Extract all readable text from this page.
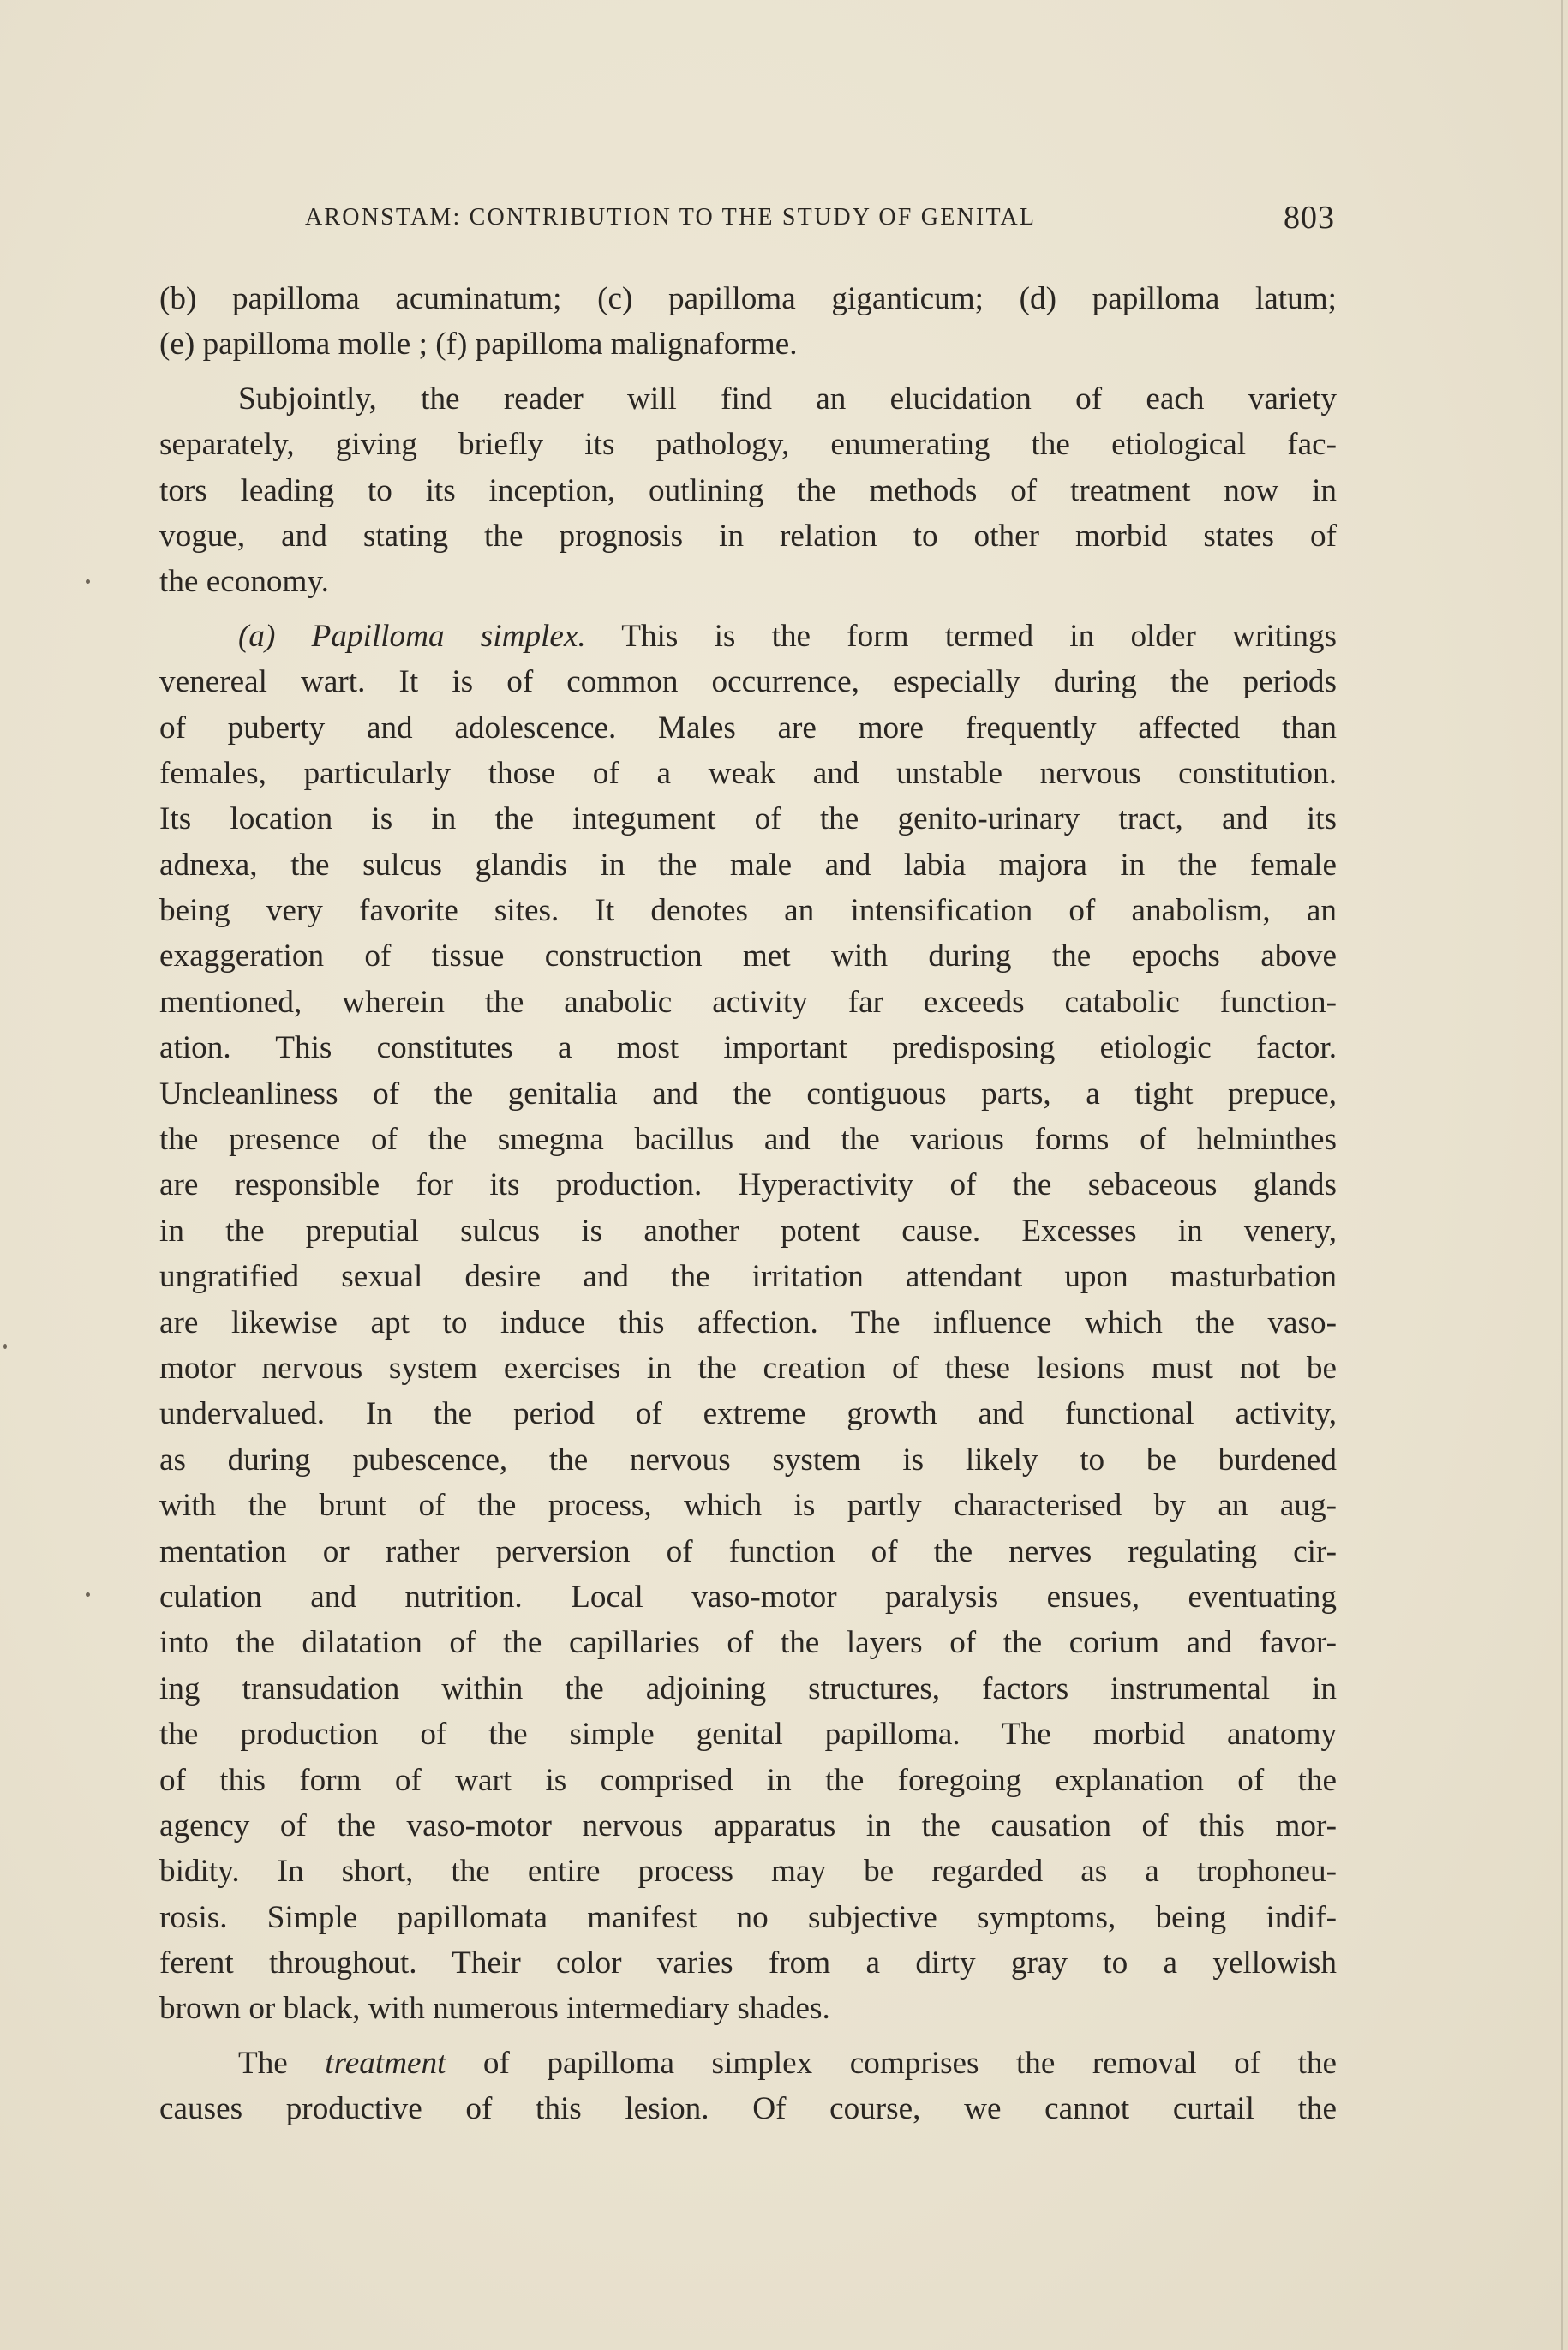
ARONSTAM: CONTRIBUTION TO THE STUDY OF GENITAL	803

(b) papilloma acuminatum; (c) papilloma giganticum; (d) papilloma latum;
(e) papilloma molle ; (f) papilloma malignaforme.

Subjointly, the reader will find an elucidation of each variety

separately, giving briefly its pathology, enumerating the etiological fac-
tors leading to its inception, outlining the methods of treatment now in
vogue, and stating the prognosis in relation to other morbid states of
the economy.

(a) Papilloma simplex. This is the form termed in older writings

venereal wart. It is of common occurrence, especially during the periods
of puberty and adolescence. Males are more frequently affected than
females, particularly those of a weak and unstable nervous constitution.
Its location is in the integument of the genito-urinary tract, and its
adnexa, the sulcus glandis in the male and labia majora in the female
being very favorite sites. It denotes an intensification of anabolism, an
exaggeration of tissue construction met with during the epochs above
mentioned, wherein the anabolic activity far exceeds catabolic function-
ation. This constitutes a most important predisposing etiologic factor.
Uncleanliness of the genitalia and the contiguous parts, a tight prepuce,
the presence of the smegma bacillus and the various forms of helminthes
are responsible for its production. Hyperactivity of the sebaceous glands
in the preputial sulcus is another potent cause. Excesses in venery,
ungratified sexual desire and the irritation attendant upon masturbation
are likewise apt to induce this affection. The influence which the vaso-
motor nervous system exercises in the creation of these lesions must not be
undervalued. In the period of extreme growth and functional activity,
as during pubescence, the nervous system is likely to be burdened
with the brunt of the process, which is partly characterised by an aug-
mentation or rather perversion of function of the nerves regulating cir-
culation and nutrition. Local vaso-motor paralysis ensues, eventuating
into the dilatation of the capillaries of the layers of the corium and favor-
ing transudation within the adjoining structures, factors instrumental in
the production of the simple genital papilloma. The morbid anatomy
of this form of wart is comprised in the foregoing explanation of the
agency of the vaso-motor nervous apparatus in the causation of this mor-
bidity. In short, the entire process may be regarded as a trophoneu-
rosis. Simple papillomata manifest no subjective symptoms, being indif-
ferent throughout. Their color varies from a dirty gray to a yellowish
brown or black, with numerous intermediary shades.

The treatment of papilloma simplex comprises the removal of the

causes productive of this lesion. Of course, we cannot curtail the
